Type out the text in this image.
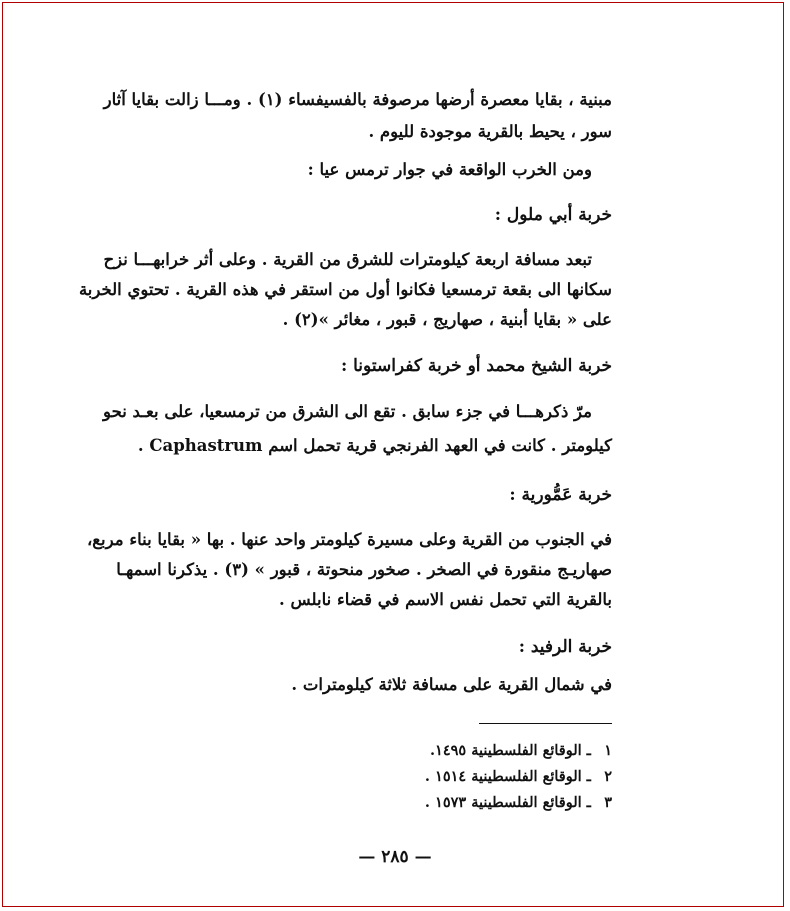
مبنية ، بقايا معصرة أرضها مرصوفة بالفسيفساء (١) . ومـــا زالت بقايا آثار
سور ، يحيط بالقرية موجودة لليوم .
ومن الخرب الواقعة في جوار ترمس عيا :
خربة أبي ملول :
تبعد مسافة اربعة كيلومترات للشرق من القرية . وعلى أثر خرابهـــا نزح
سكانها الى بقعة ترمسعيا فكانوا أول من استقر في هذه القرية . تحتوي الخربة
على « بقايا أبنية ، صهاريج ، قبور ، مغائر »(٢) .
خربة الشيخ محمد أو خربة كفراستونا :
مرّ ذكرهـــا في جزء سابق . تقع الى الشرق من ترمسعيا، على بعـد نحو
كيلومتر . كانت في العهد الفرنجي قرية تحمل اسم Caphastrum .
خربة عَمُّورية :
في الجنوب من القرية وعلى مسيرة كيلومتر واحد عنها . بها « بقايا بناء مربع،
صهاريـج منقورة في الصخر . صخور منحوتة ، قبور » (٣) . يذكرنا اسمهـا
بالقرية التي تحمل نفس الاسم في قضاء نابلس .
خربة الرفيد :
في شمال القرية على مسافة ثلاثة كيلومترات .
١ ـ الوقائع الفلسطينية ١٤٩٥.
٢ ـ الوقائع الفلسطينية ١٥١٤ .
٣ ـ الوقائع الفلسطينية ١٥٧٣ .
— ٢٨٥ —
